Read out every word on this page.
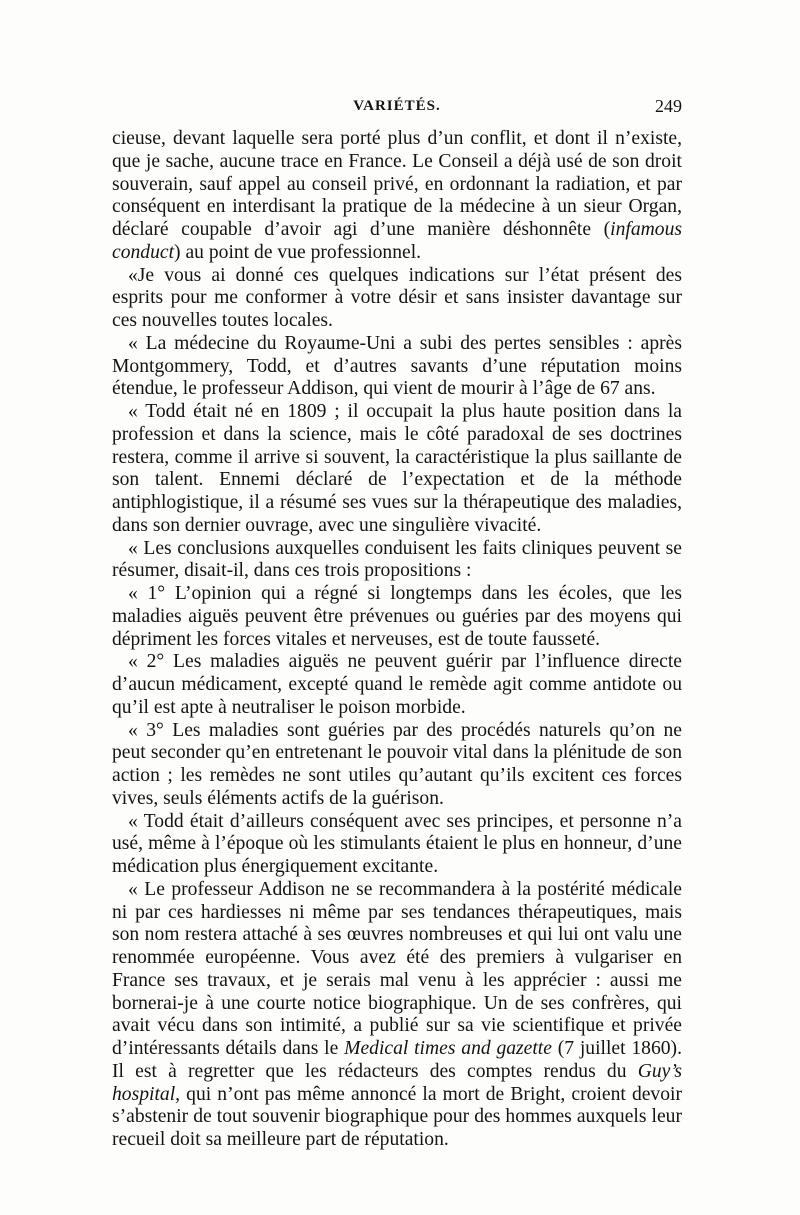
VARIÉTÉS.	249

cieuse, devant laquelle sera porté plus d’un conflit, et dont il n’existe, que je sache, aucune trace en France. Le Conseil a déjà usé de son droit souverain, sauf appel au conseil privé, en ordonnant la radiation, et par conséquent en interdisant la pratique de la médecine à un sieur Organ, déclaré coupable d’avoir agi d’une manière déshonnête (infamous conduct) au point de vue professionnel.

«Je vous ai donné ces quelques indications sur l’état présent des esprits pour me conformer à votre désir et sans insister davantage sur ces nouvelles toutes locales.

« La médecine du Royaume-Uni a subi des pertes sensibles : après Montgommery, Todd, et d’autres savants d’une réputation moins étendue, le professeur Addison, qui vient de mourir à l’âge de 67 ans.

« Todd était né en 1809 ; il occupait la plus haute position dans la profession et dans la science, mais le côté paradoxal de ses doctrines restera, comme il arrive si souvent, la caractéristique la plus saillante de son talent. Ennemi déclaré de l’expectation et de la méthode antiphlogistique, il a résumé ses vues sur la thérapeutique des maladies, dans son dernier ouvrage, avec une singulière vivacité.

« Les conclusions auxquelles conduisent les faits cliniques peuvent se résumer, disait-il, dans ces trois propositions :

« 1° L’opinion qui a régné si longtemps dans les écoles, que les maladies aiguës peuvent être prévenues ou guéries par des moyens qui dépriment les forces vitales et nerveuses, est de toute fausseté.

« 2° Les maladies aiguës ne peuvent guérir par l’influence directe d’aucun médicament, excepté quand le remède agit comme antidote ou qu’il est apte à neutraliser le poison morbide.

« 3° Les maladies sont guéries par des procédés naturels qu’on ne peut seconder qu’en entretenant le pouvoir vital dans la plénitude de son action ; les remèdes ne sont utiles qu’autant qu’ils excitent ces forces vives, seuls éléments actifs de la guérison.

« Todd était d’ailleurs conséquent avec ses principes, et personne n’a usé, même à l’époque où les stimulants étaient le plus en honneur, d’une médication plus énergiquement excitante.

« Le professeur Addison ne se recommandera à la postérité médicale ni par ces hardiesses ni même par ses tendances thérapeutiques, mais son nom restera attaché à ses œuvres nombreuses et qui lui ont valu une renommée européenne. Vous avez été des premiers à vulgariser en France ses travaux, et je serais mal venu à les apprécier : aussi me bornerai-je à une courte notice biographique. Un de ses confrères, qui avait vécu dans son intimité, a publié sur sa vie scientifique et privée d’intéressants détails dans le Medical times and gazette (7 juillet 1860). Il est à regretter que les rédacteurs des comptes rendus du Guy’s hospital, qui n’ont pas même annoncé la mort de Bright, croient devoir s’abstenir de tout souvenir biographique pour des hommes auxquels leur recueil doit sa meilleure part de réputation.
